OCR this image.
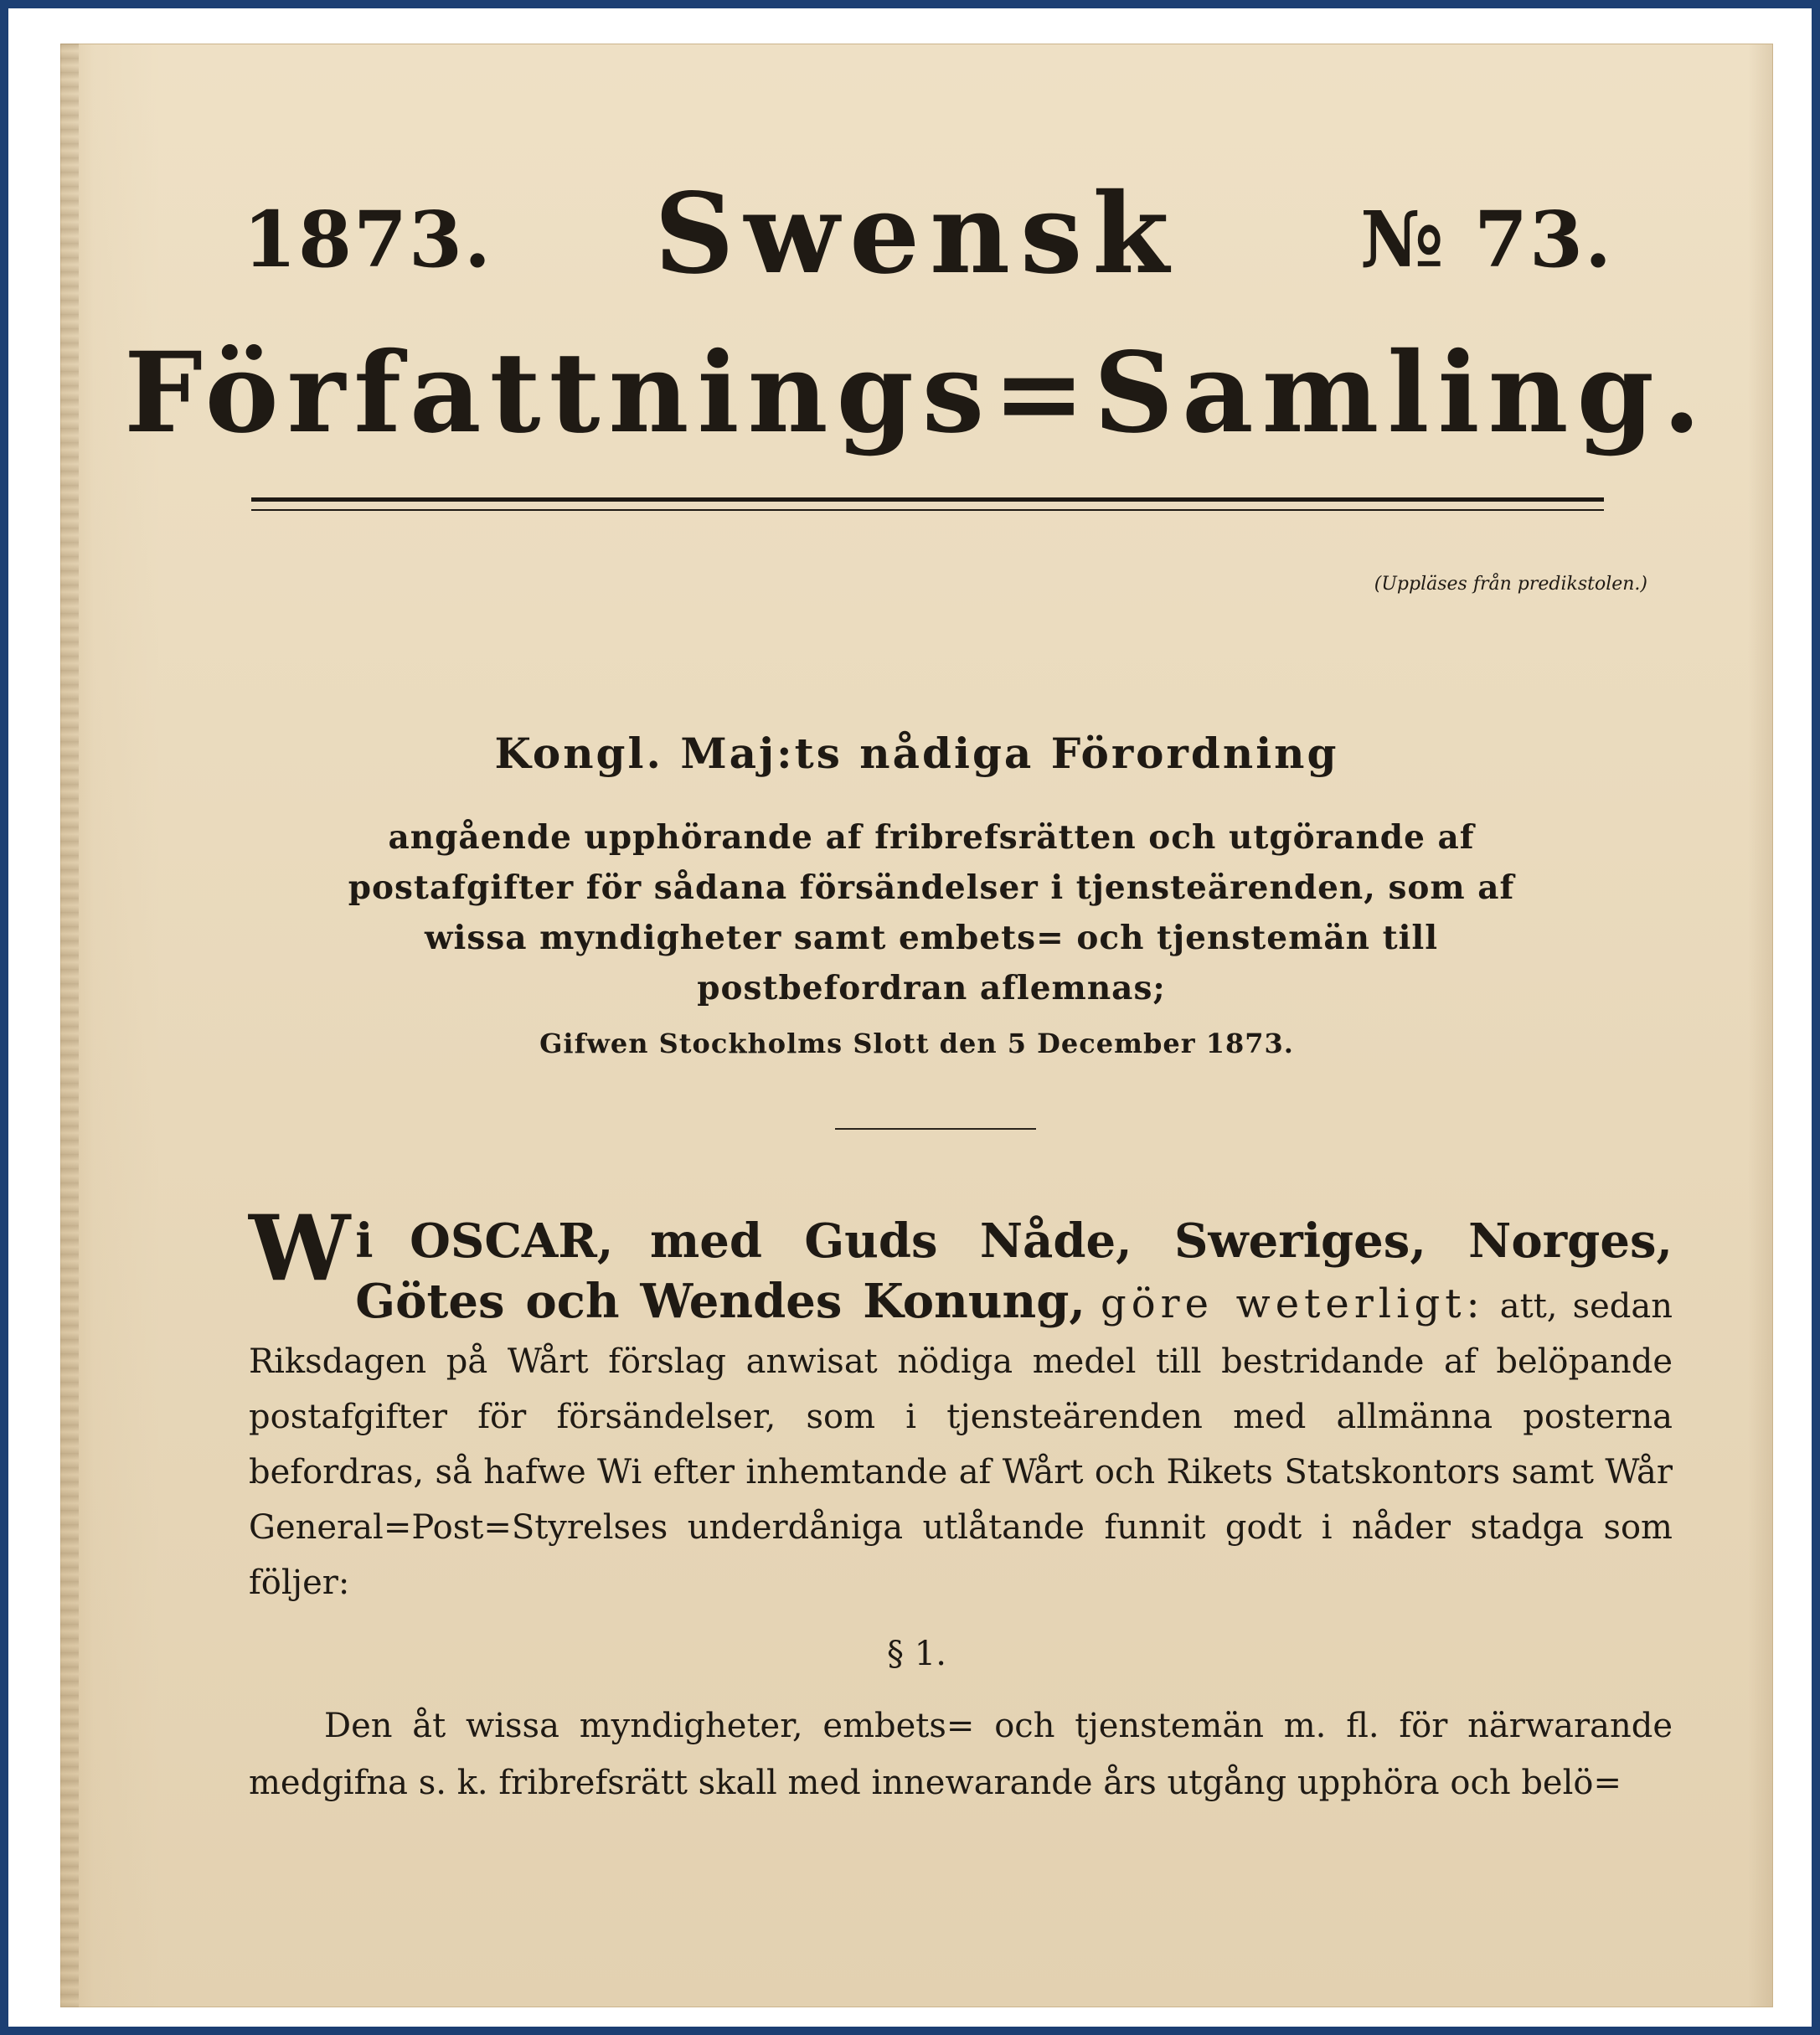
1873.	Swensk	№ 73.
Författnings=Samling.
(Uppläses från predikstolen.)
Kongl. Maj:ts nådiga Förordning
angående upphörande af fribrefsrätten och utgörande af postafgifter för sådana försändelser i tjensteärenden, som af wissa myndigheter samt embets= och tjenstemän till postbefordran aflemnas;
Gifwen Stockholms Slott den 5 December 1873.
Wi OSCAR, med Guds Nåde, Sweriges, Norges, Götes och Wendes Konung, göre weterligt: att, sedan Riksdagen på Wårt förslag anwisat nödiga medel till bestridande af belöpande postafgifter för försändelser, som i tjensteärenden med allmänna posterna befordras, så hafwe Wi efter inhemtande af Wårt och Rikets Statskontors samt Wår General=Post=Styrelses underdåniga utlåtande funnit godt i nåder stadga som följer:
§ 1.
Den åt wissa myndigheter, embets= och tjenstemän m. fl. för närwarande medgifna s. k. fribrefsrätt skall med innewarande års utgång upphöra och belö=
